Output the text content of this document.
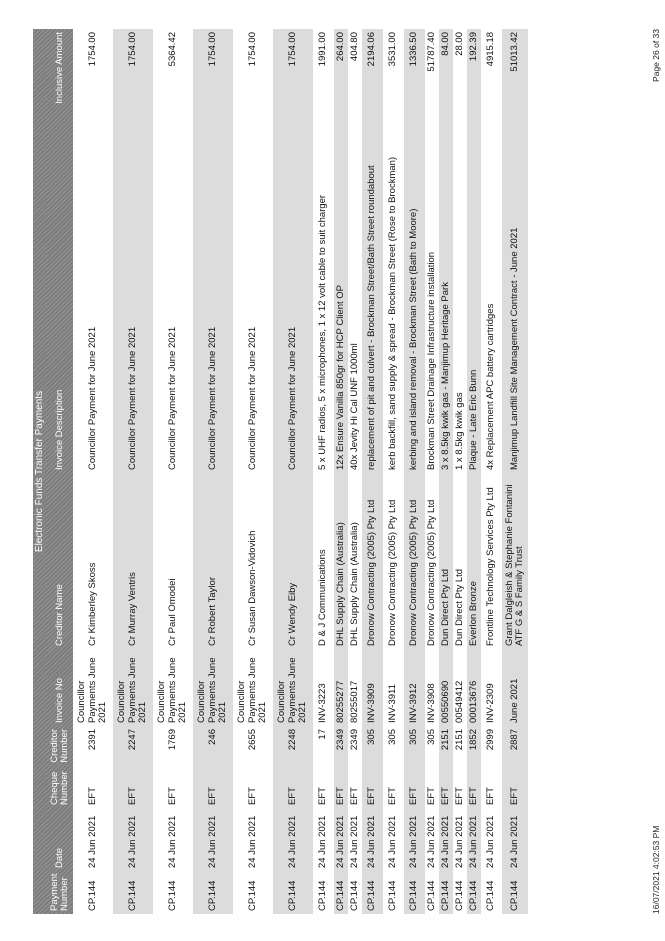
Electronic Funds Transfer Payments
Payment Number
Date
Cheque Number
Creditor Number
Invoice No
Creditor Name
Invoice Description
Inclusive Amount
CP.144
24 Jun 2021
EFT
2391
Councillor Payments June 2021
Cr Kimberley Skoss
Councillor Payment for June 2021
1754.00
CP.144
24 Jun 2021
EFT
2247
Councillor Payments June 2021
Cr Murray Ventris
Councillor Payment for June 2021
1754.00
CP.144
24 Jun 2021
EFT
1769
Councillor Payments June 2021
Cr Paul Omodei
Councillor Payment for June 2021
5364.42
CP.144
24 Jun 2021
EFT
246
Councillor Payments June 2021
Cr Robert Taylor
Councillor Payment for June 2021
1754.00
CP.144
24 Jun 2021
EFT
2655
Councillor Payments June 2021
Cr Susan Dawson-Vidovich
Councillor Payment for June 2021
1754.00
CP.144
24 Jun 2021
EFT
2248
Councillor Payments June 2021
Cr Wendy Eiby
Councillor Payment for June 2021
1754.00
CP.144
24 Jun 2021
EFT
17
INV-3223
D & J Communications
5 x UHF radios, 5 x microphones, 1 x 12 volt cable to suit charger
1991.00
CP.144
24 Jun 2021
EFT
2349
80255277
DHL Supply Chain (Australia)
12x Ensure Vanilla 850gr for HCP Client OP
264.00
CP.144
24 Jun 2021
EFT
2349
80255017
DHL Supply Chain (Australia)
40x Jevity Hi Cal UNF 1000ml
404.80
CP.144
24 Jun 2021
EFT
305
INV-3909
Dronow Contracting (2005) Pty Ltd
replacement of pit and culvert - Brockman Street/Bath Street roundabout
2194.06
CP.144
24 Jun 2021
EFT
305
INV-3911
Dronow Contracting (2005) Pty Ltd
kerb backfill, sand supply & spread - Brockman Street (Rose to Brockman)
3531.00
CP.144
24 Jun 2021
EFT
305
INV-3912
Dronow Contracting (2005) Pty Ltd
kerbing and island removal - Brockman Street (Bath to Moore)
1336.50
CP.144
24 Jun 2021
EFT
305
INV-3908
Dronow Contracting (2005) Pty Ltd
Brockman Street Drainage Infrastructure installation
51787.40
CP.144
24 Jun 2021
EFT
2151
00550690
Dun Direct Pty Ltd
3 x 8.5kg kwik gas - Manjimup Heritage Park
84.00
CP.144
24 Jun 2021
EFT
2151
00549412
Dun Direct Pty Ltd
1 x 8.5kg kwik gas
28.00
CP.144
24 Jun 2021
EFT
1852
00013676
Everlon Bronze
Plaque - Late Eric Bunn
192.39
CP.144
24 Jun 2021
EFT
2999
INV-2309
Frontline Technology Services Pty Ltd
4x Replacement APC battery cartridges
4915.18
CP.144
24 Jun 2021
EFT
2887
June 2021
Grant Dalgleish & Stephanie Fontanini ATF G & S Family Trust
Manjimup Landfill Site Management Contract - June 2021
51013.42
16/07/2021 4:02:53 PM
Page 26 of 33
